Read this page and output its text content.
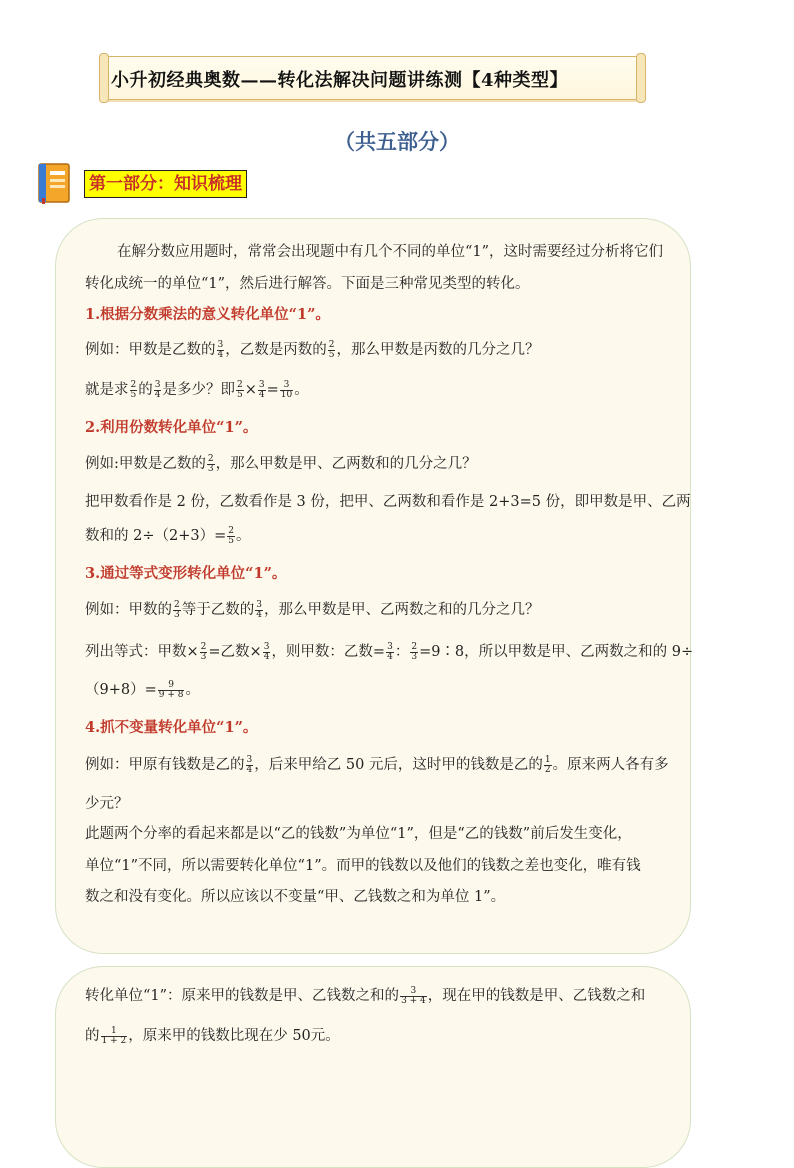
小升初经典奥数——转化法解决问题讲练测【4种类型】
（共五部分）
第一部分：知识梳理
在解分数应用题时，常常会出现题中有几个不同的单位“1”，这时需要经过分析将它们
转化成统一的单位“1”，然后进行解答。下面是三种常见类型的转化。
1.根据分数乘法的意义转化单位“1”。
例如：甲数是乙数的 $\frac{3}{4}$ ，乙数是丙数的 $\frac{2}{5}$ ，那么甲数是丙数的几分之几？
就是求 $\frac{2}{5}$ 的 $\frac{3}{4}$ 是多少？即 $\frac{2}{5} \times \frac{3}{4} = \frac{3}{10}$ 。
2.利用份数转化单位“1”。
例如:甲数是乙数的 $\frac{2}{3}$ ，那么甲数是甲、乙两数和的几分之几？
把甲数看作是 2 份，乙数看作是 3 份，把甲、乙两数和看作是 2+3=5 份，即甲数是甲、乙两
数和的 $2\div(2+3)= \frac{2}{5}$ 。
3.通过等式变形转化单位“1”。
例如：甲数的 $\frac{2}{3}$ 等于乙数的 $\frac{3}{4}$ ，那么甲数是甲、乙两数之和的几分之几？
列出等式：甲数× $\frac{2}{3}$ =乙数× $\frac{3}{4}$ ，则甲数：乙数= $\frac{3}{4}$ ： $\frac{2}{3}$ =9∶8，所以甲数是甲、乙两数之和的 9÷
$(9+8)= \frac{9}{9 + 8}$ 。
4.抓不变量转化单位“1”。
例如：甲原有钱数是乙的 $\frac{3}{4}$ ，后来甲给乙 50 元后，这时甲的钱数是乙的 $\frac{1}{2}$ 。原来两人各有多
少元？
此题两个分率的看起来都是以“乙的钱数”为单位“1”，但是“乙的钱数”前后发生变化，
单位“1”不同，所以需要转化单位“1”。而甲的钱数以及他们的钱数之差也变化，唯有钱
数之和没有变化。所以应该以不变量“甲、乙钱数之和为单位 1”。
转化单位“1”：原来甲的钱数是甲、乙钱数之和的 $\frac{3}{3 + 4}$ ，现在甲的钱数是甲、乙钱数之和
的 $\frac{1}{1 + 2}$ ，原来甲的钱数比现在少 50元。
